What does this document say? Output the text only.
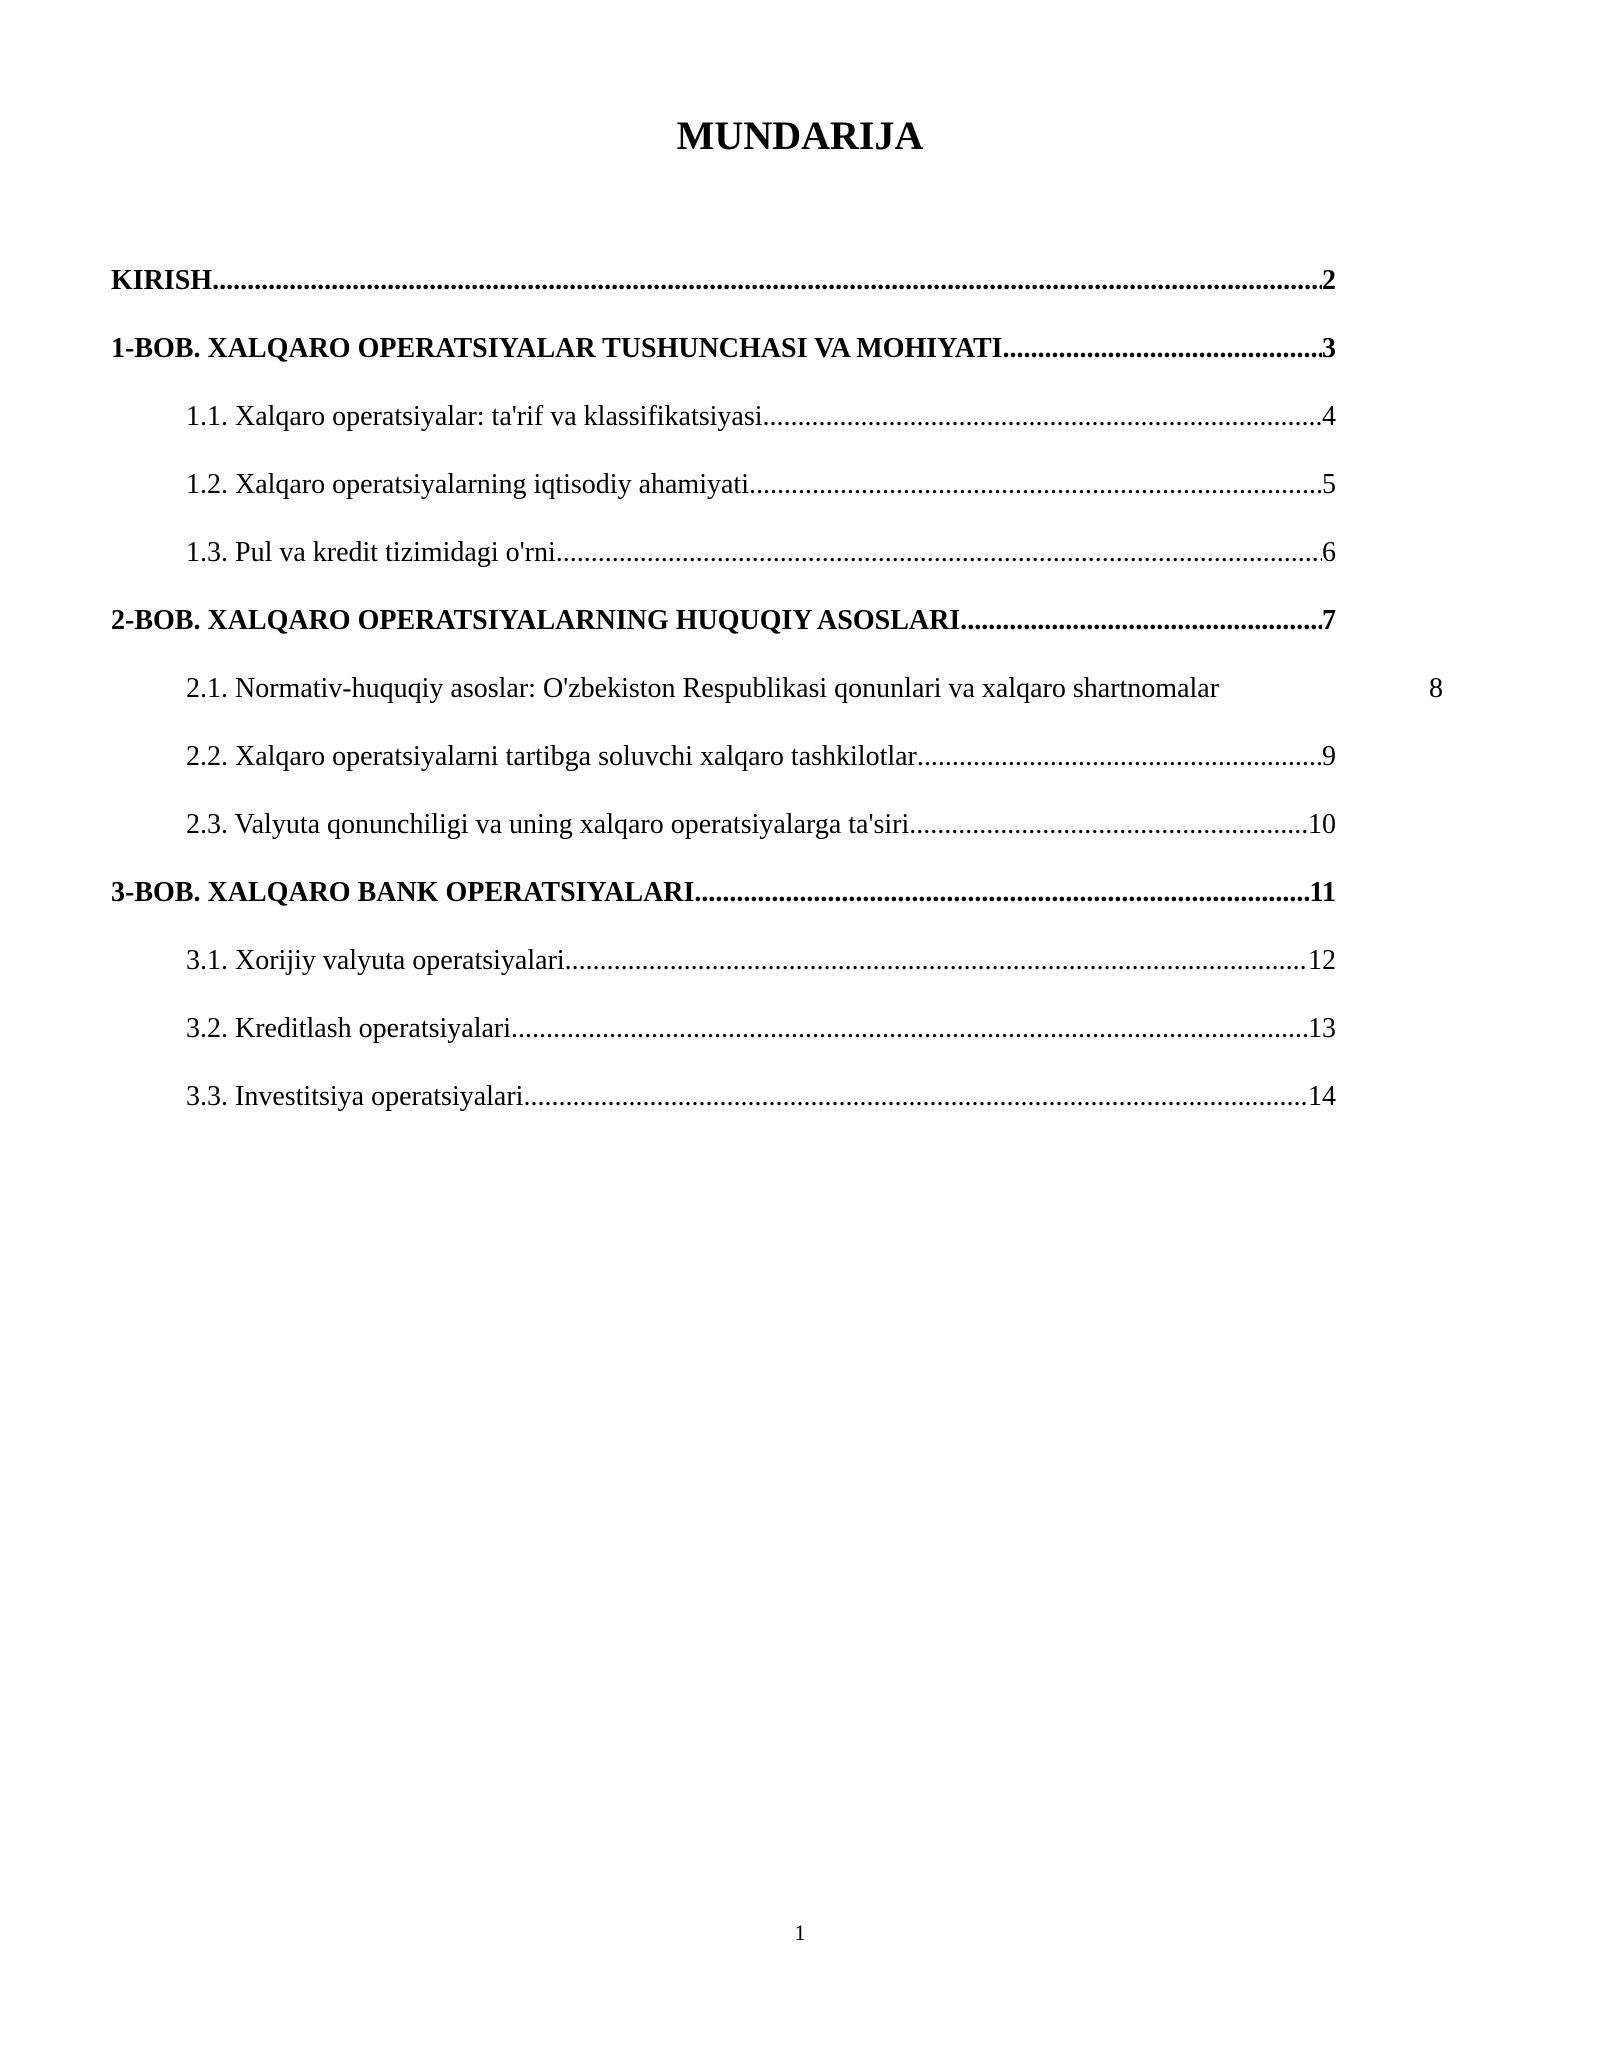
MUNDARIJA
KIRISH .....	2
1-BOB. XALQARO OPERATSIYALAR TUSHUNCHASI VA MOHIYATI .....	3
1.1. Xalqaro operatsiyalar: ta'rif va klassifikatsiyasi .....	4
1.2. Xalqaro operatsiyalarning iqtisodiy ahamiyati .....	5
1.3. Pul va kredit tizimidagi o'rni .....	6
2-BOB. XALQARO OPERATSIYALARNING HUQUQIY ASOSLARI .....	7
2.1. Normativ-huquqiy asoslar: O'zbekiston Respublikasi qonunlari va xalqaro shartnomalar	8
2.2. Xalqaro operatsiyalarni tartibga soluvchi xalqaro tashkilotlar .....	9
2.3. Valyuta qonunchiligi va uning xalqaro operatsiyalarga ta'siri .....	10
3-BOB. XALQARO BANK OPERATSIYALARI .....	11
3.1. Xorijiy valyuta operatsiyalari .....	12
3.2. Kreditlash operatsiyalari .....	13
3.3. Investitsiya operatsiyalari .....	14
1
